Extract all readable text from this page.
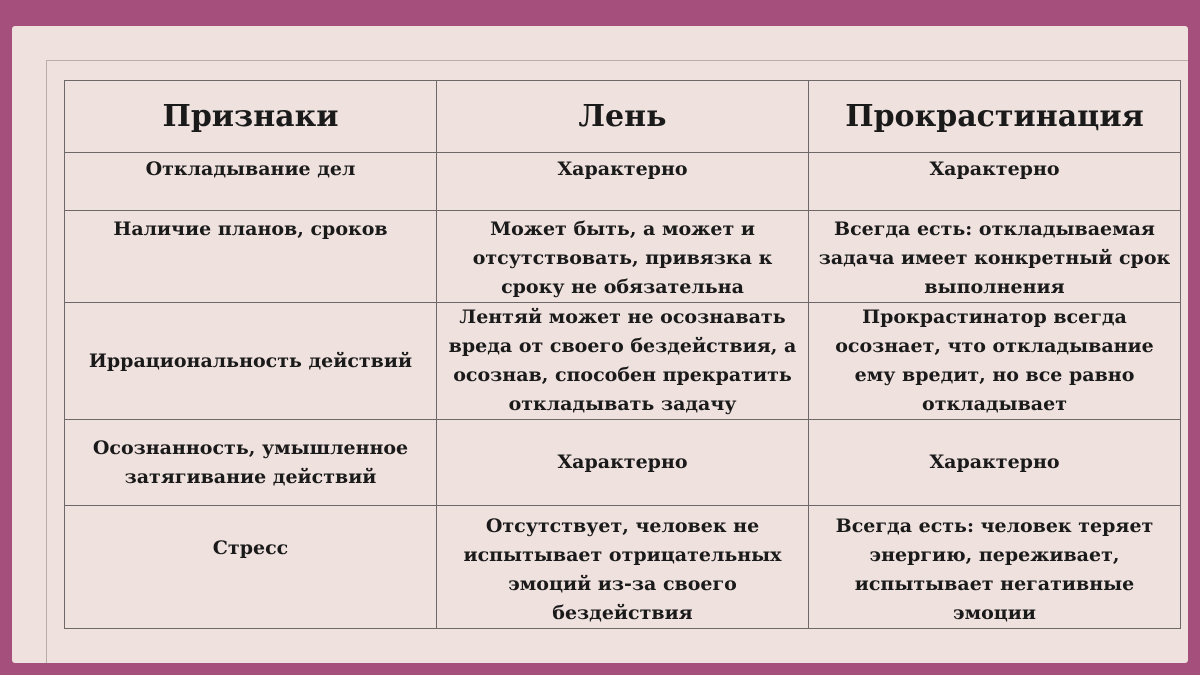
Признаки	Лень	Прокрастинация
Откладывание дел	Характерно	Характерно
Наличие планов, сроков	Может быть, а может и отсутствовать, привязка к сроку не обязательна	Всегда есть: откладываемая задача имеет конкретный срок выполнения
Иррациональность действий	Лентяй может не осознавать вреда от своего бездействия, а осознав, способен прекратить откладывать задачу	Прокрастинатор всегда осознает, что откладывание ему вредит, но все равно откладывает
Осознанность, умышленное затягивание действий	Характерно	Характерно
Стресс	Отсутствует, человек не испытывает отрицательных эмоций из-за своего бездействия	Всегда есть: человек теряет энергию, переживает, испытывает негативные эмоции
